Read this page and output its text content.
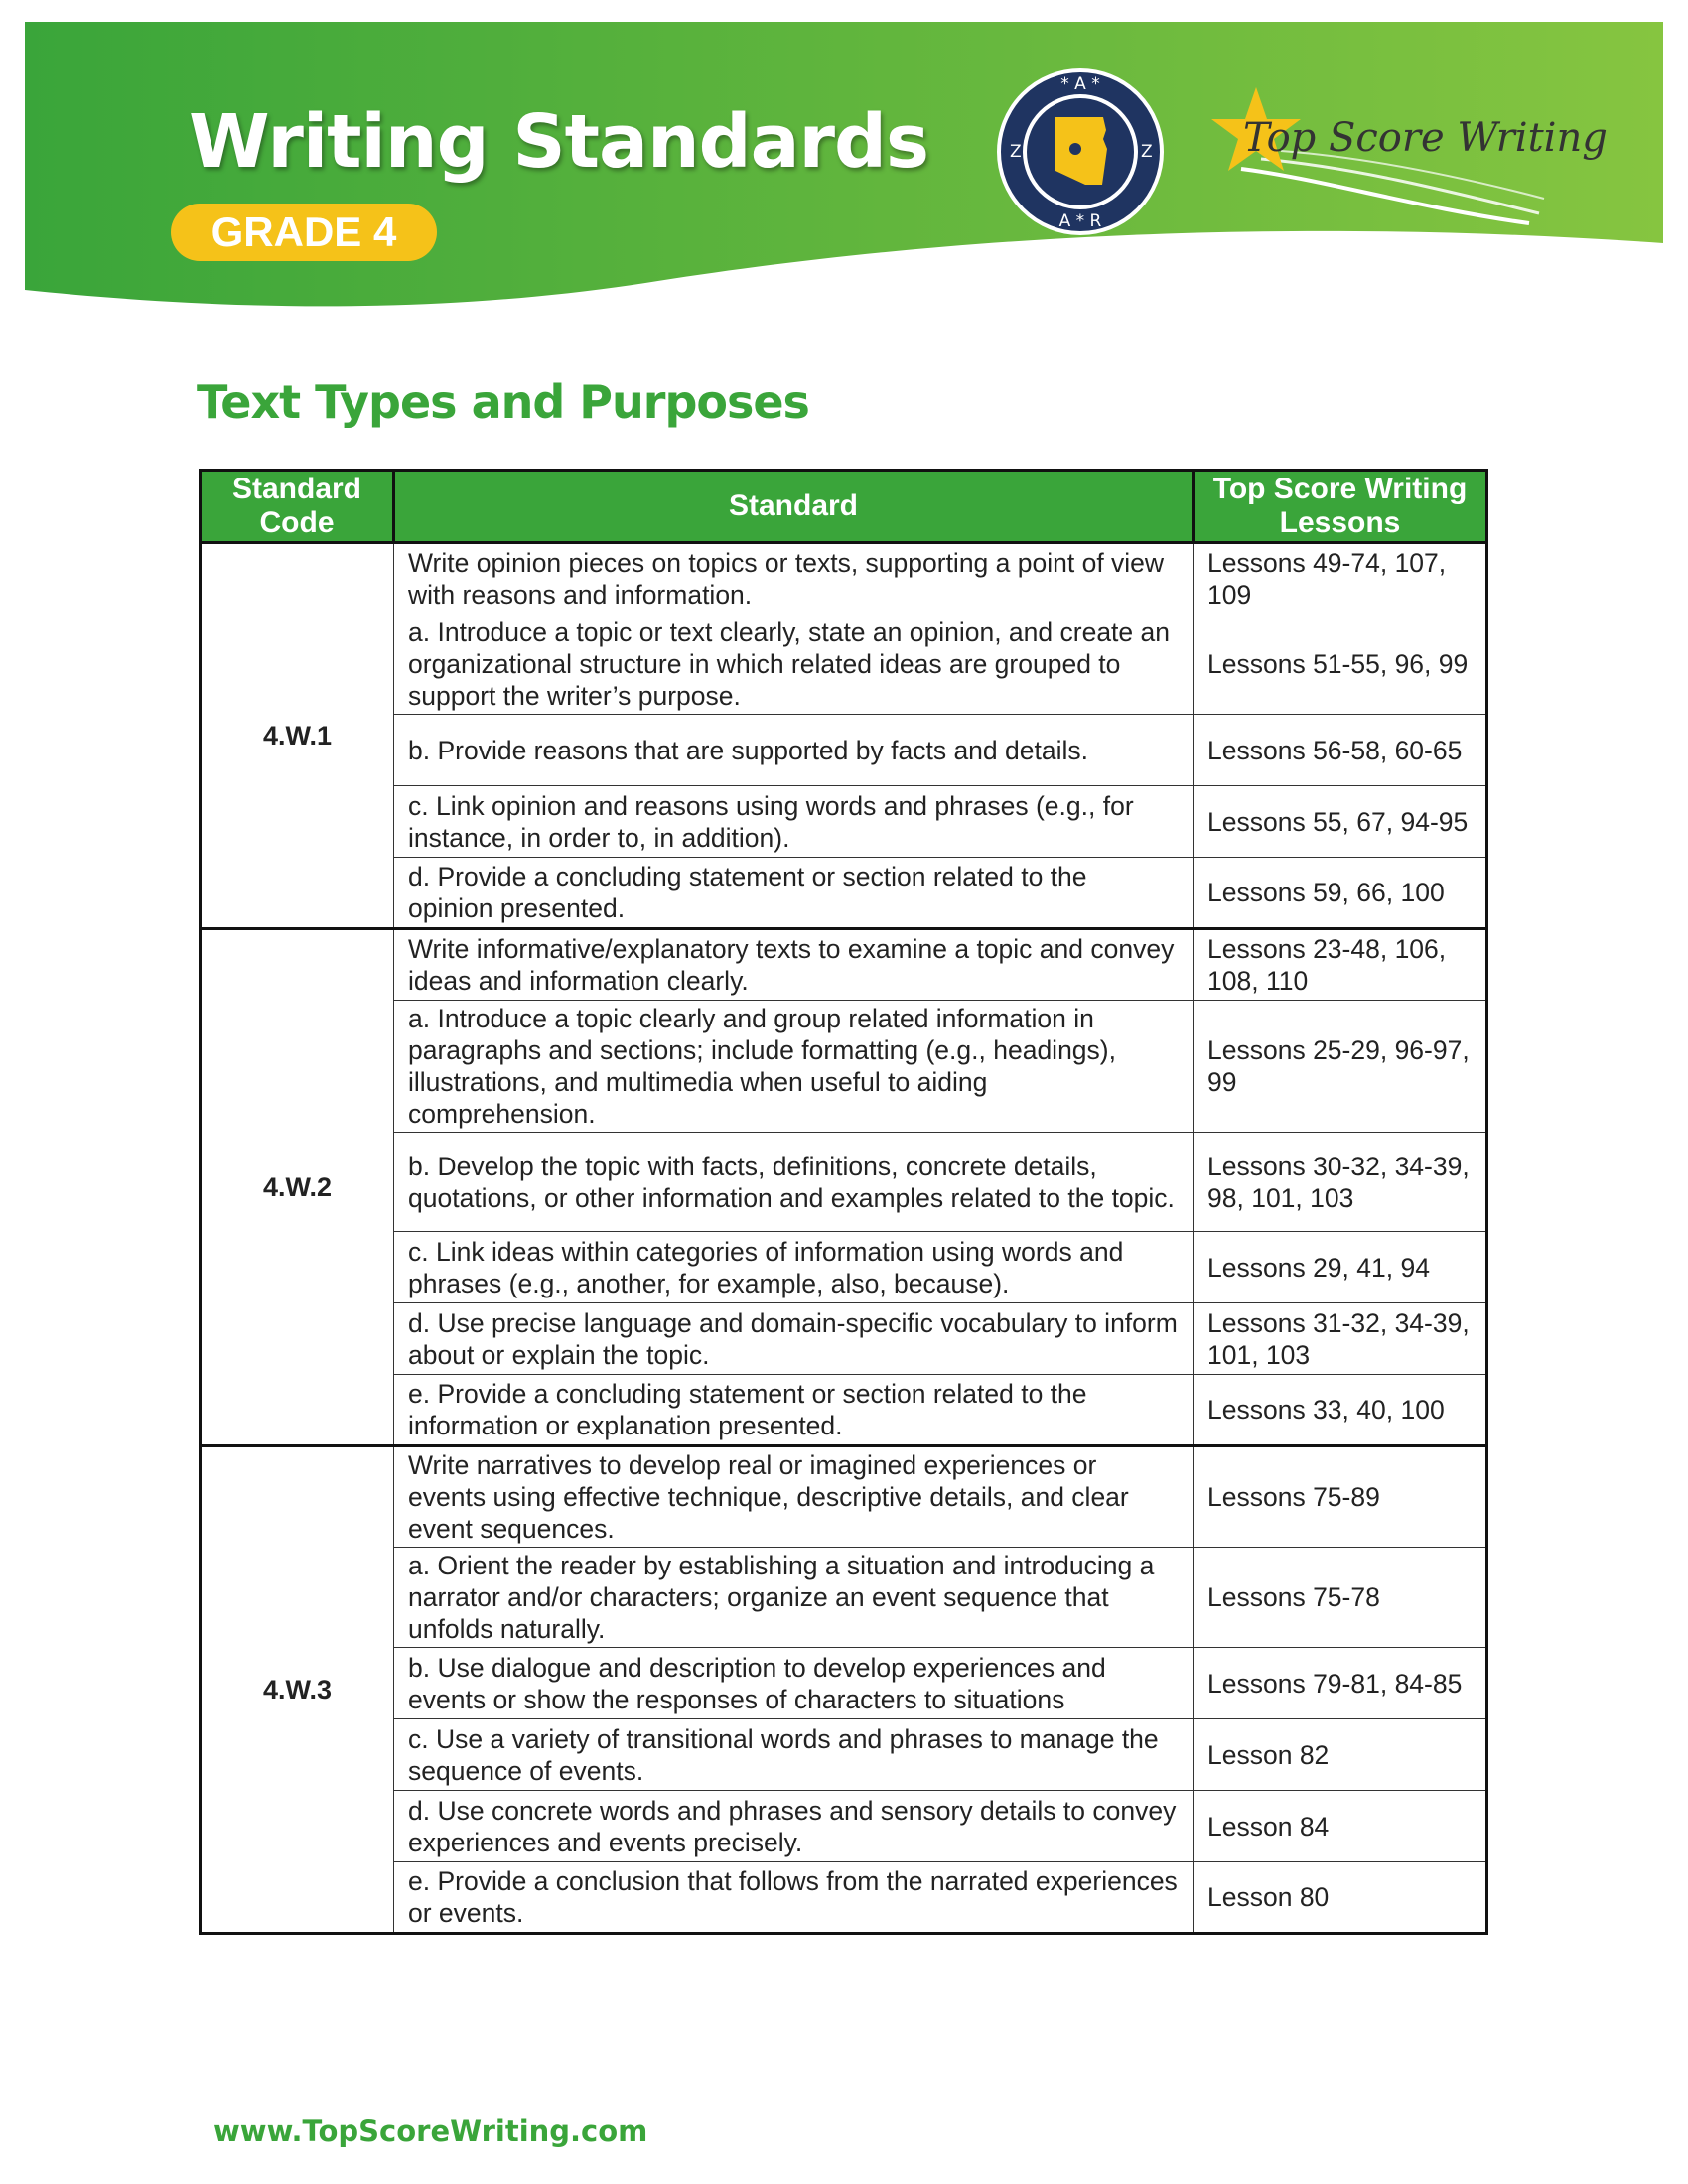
Writing Standards
GRADE 4
* A *
A * R
Z	Z Top Score Writing
Text Types and Purposes
Standard Code	Standard	Top Score Writing Lessons
4.W.1	Write opinion pieces on topics or texts, supporting a point of view with reasons and information.	Lessons 49-74, 107, 109
	a. Introduce a topic or text clearly, state an opinion, and create an organizational structure in which related ideas are grouped to support the writer’s purpose.	Lessons 51-55, 96, 99
	b. Provide reasons that are supported by facts and details.	Lessons 56-58, 60-65
	c. Link opinion and reasons using words and phrases (e.g., for instance, in order to, in addition).	Lessons 55, 67, 94-95
	d. Provide a concluding statement or section related to the opinion presented.	Lessons 59, 66, 100
4.W.2	Write informative/explanatory texts to examine a topic and convey ideas and information clearly.	Lessons 23-48, 106, 108, 110
	a. Introduce a topic clearly and group related information in paragraphs and sections; include formatting (e.g., headings), illustrations, and multimedia when useful to aiding comprehension.	Lessons 25-29, 96-97, 99
	b. Develop the topic with facts, definitions, concrete details, quotations, or other information and examples related to the topic.	Lessons 30-32, 34-39, 98, 101, 103
	c. Link ideas within categories of information using words and phrases (e.g., another, for example, also, because).	Lessons 29, 41, 94
	d. Use precise language and domain-specific vocabulary to inform about or explain the topic.	Lessons 31-32, 34-39, 101, 103
	e. Provide a concluding statement or section related to the information or explanation presented.	Lessons 33, 40, 100
4.W.3	Write narratives to develop real or imagined experiences or events using effective technique, descriptive details, and clear event sequences.	Lessons 75-89
	a. Orient the reader by establishing a situation and introducing a narrator and/or characters; organize an event sequence that unfolds naturally.	Lessons 75-78
	b. Use dialogue and description to develop experiences and events or show the responses of characters to situations	Lessons 79-81, 84-85
	c. Use a variety of transitional words and phrases to manage the sequence of events.	Lesson 82
	d. Use concrete words and phrases and sensory details to convey experiences and events precisely.	Lesson 84
	e. Provide a conclusion that follows from the narrated experiences or events.	Lesson 80
www.TopScoreWriting.com
